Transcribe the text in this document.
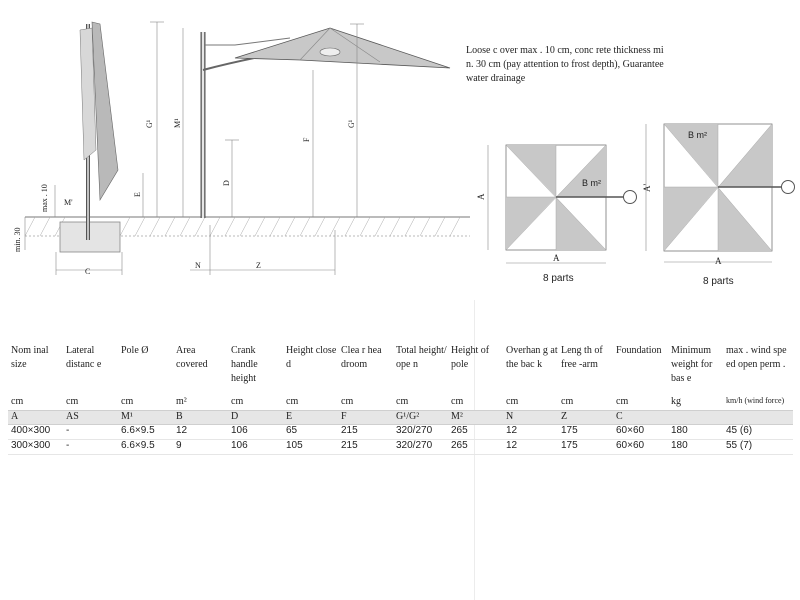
max . 10
min. 30
M'
G¹
E
C
M¹
D
N	Z
F
G¹
B m²
A
A
B m²
A'
A
Loose c over max . 10 cm, conc rete thickness mi n. 30 cm (pay attention to frost depth), Guarantee water drainage
8 parts	8 parts
Nom inal size	Lateral distanc e	Pole Ø	Area covered	Crank handle height	Height close d	Clea r hea droom	Total height/ ope n	Height of pole	Overhan g at the bac k	Leng th of free -arm	Foundation	Minimum weight for bas e	max . wind spe ed open perm .
cm	cm	cm	m²	cm	cm	cm	cm	cm	cm	cm	cm	kg	km/h (wind force)
A	AS	M¹	B	D	E	F	G¹/G²	M²	N	Z	C		
400×300	-	6.6×9.5	12	106	65	215	320/270	265	12	175	60×60	180	45 (6)
300×300	-	6.6×9.5	9	106	105	215	320/270	265	12	175	60×60	180	55 (7)
